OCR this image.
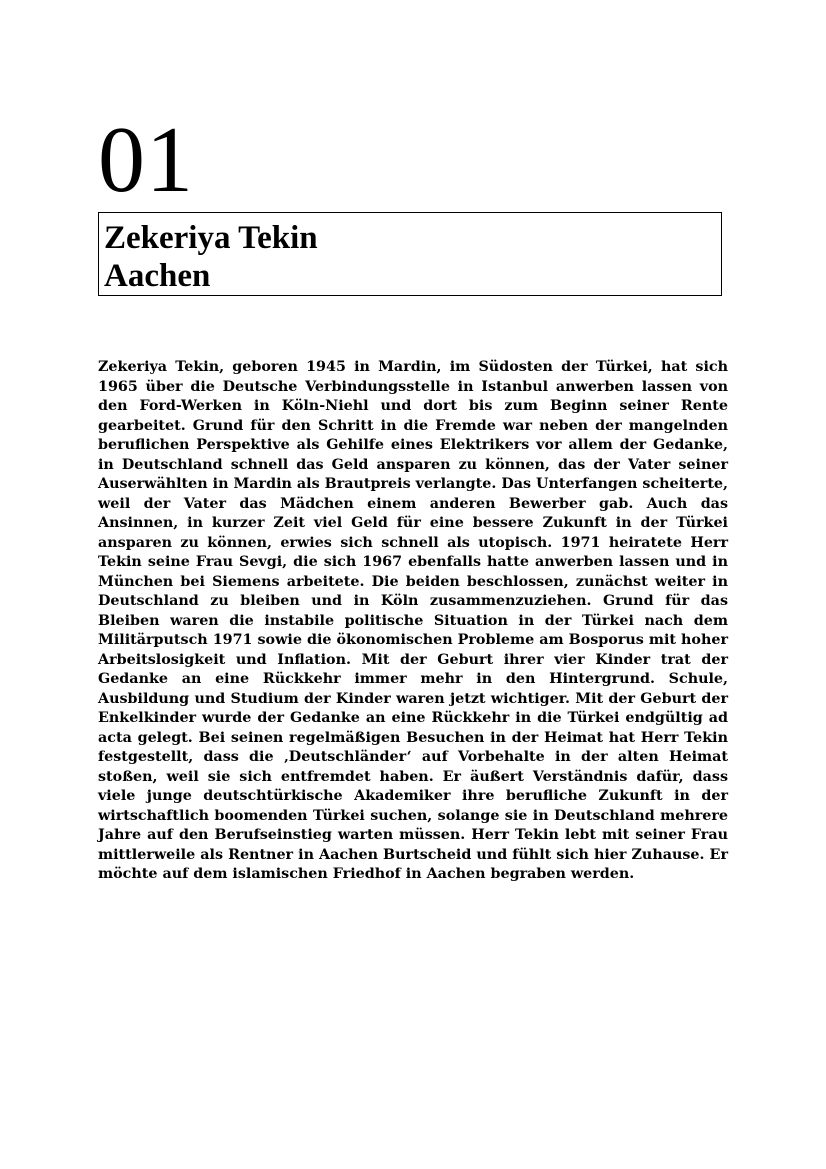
01

Zekeriya Tekin

Aachen

Zekeriya Tekin, geboren 1945 in Mardin, im Südosten der Türkei, hat sich 1965 über die Deutsche Verbindungsstelle in Istanbul anwerben lassen von den Ford-Werken in Köln-Niehl und dort bis zum Beginn seiner Rente gearbeitet. Grund für den Schritt in die Fremde war neben der mangelnden beruflichen Perspektive als Gehilfe eines Elektrikers vor allem der Gedanke, in Deutschland schnell das Geld ansparen zu können, das der Vater seiner Auserwählten in Mardin als Brautpreis verlangte. Das Unterfangen scheiterte, weil der Vater das Mädchen einem anderen Bewerber gab. Auch das Ansinnen, in kurzer Zeit viel Geld für eine bessere Zukunft in der Türkei ansparen zu können, erwies sich schnell als utopisch. 1971 heiratete Herr Tekin seine Frau Sevgi, die sich 1967 ebenfalls hatte anwerben lassen und in München bei Siemens arbeitete. Die beiden beschlossen, zunächst weiter in Deutschland zu bleiben und in Köln zusammenzuziehen. Grund für das Bleiben waren die instabile politische Situation in der Türkei nach dem Militärputsch 1971 sowie die ökonomischen Probleme am Bosporus mit hoher Arbeitslosigkeit und Inflation. Mit der Geburt ihrer vier Kinder trat der Gedanke an eine Rückkehr immer mehr in den Hintergrund. Schule, Ausbildung und Studium der Kinder waren jetzt wichtiger. Mit der Geburt der Enkelkinder wurde der Gedanke an eine Rückkehr in die Türkei endgültig ad acta gelegt. Bei seinen regelmäßigen Besuchen in der Heimat hat Herr Tekin festgestellt, dass die ‚Deutschländer‘ auf Vorbehalte in der alten Heimat stoßen, weil sie sich entfremdet haben. Er äußert Verständnis dafür, dass viele junge deutschtürkische Akademiker ihre berufliche Zukunft in der wirtschaftlich boomenden Türkei suchen, solange sie in Deutschland mehrere Jahre auf den Berufseinstieg warten müssen. Herr Tekin lebt mit seiner Frau mittlerweile als Rentner in Aachen Burtscheid und fühlt sich hier Zuhause. Er möchte auf dem islamischen Friedhof in Aachen begraben werden.
